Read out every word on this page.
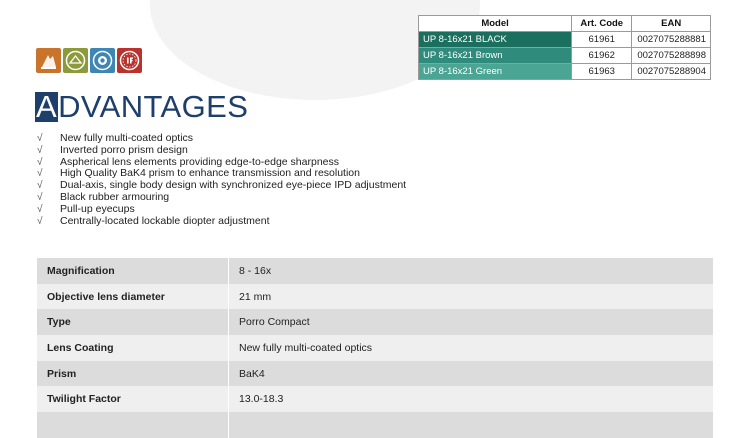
Model	Art. Code	EAN
UP 8-16x21 BLACK	61961	0027075288881
UP 8-16x21 Brown	61962	0027075288898
UP 8-16x21 Green	61963	0027075288904
ADVANTAGES
√	New fully multi-coated optics
√	Inverted porro prism design
√	Aspherical lens elements providing edge-to-edge sharpness
√	High Quality BaK4 prism to enhance transmission and resolution
√	Dual-axis, single body design with synchronized eye-piece IPD adjustment
√	Black rubber armouring
√	Pull-up eyecups
√	Centrally-located lockable diopter adjustment
Magnification	8 - 16x
Objective lens diameter	21 mm
Type	Porro Compact
Lens Coating	New fully multi-coated optics
Prism	BaK4
Twilight Factor	13.0-18.3
